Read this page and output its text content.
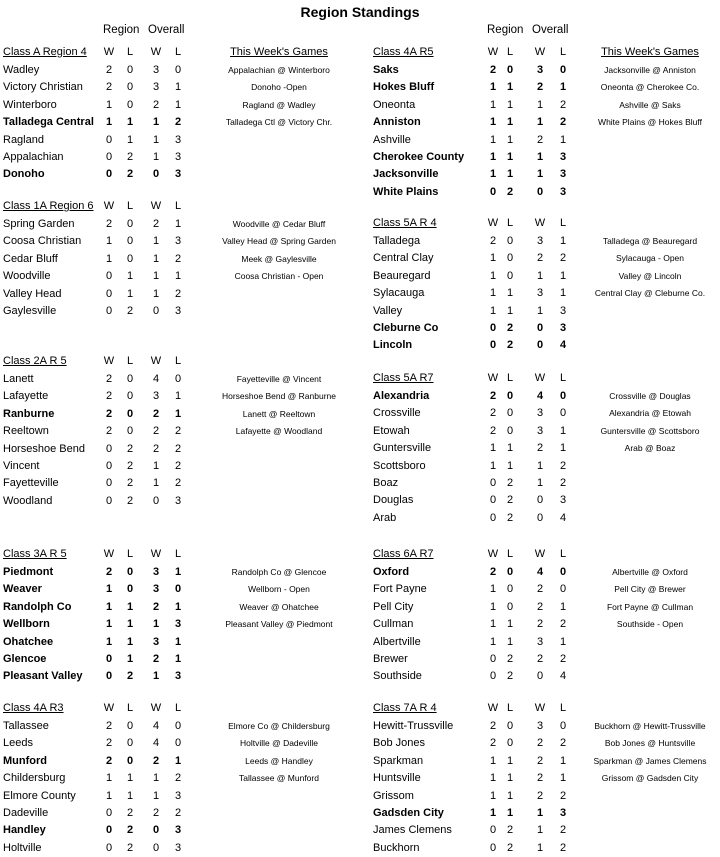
Region Standings
Region Overall	Region Overall
Class A Region 4 W L W L
Wadley	2 0 3 0
Victory Christian 2 0 3 1
Winterboro	1 0 2 1
Talladega Central 1 1 1 2
Ragland	0 1 1 3
Appalachian	0 2 1 3
Donoho	0 2 0 3
This Week's Games
Appalachian @ Winterboro
Donoho -Open
Ragland @ Wadley
Talladega Ctl @ Victory Chr.
Class 1A Region 6 W L W L
Spring Garden	2 0 2 1
Coosa Christian 1 0 1 3
Cedar Bluff	1 0 1 2
Woodville	0 1 1 1
Valley Head	0 1 1 2
Gaylesville	0 2 0 3
Woodville @ Cedar Bluff
Valley Head @ Spring Garden
Meek @ Gaylesville
Coosa Christian - Open
Class 2A R 5	W L W L
Lanett	2 0 4 0
Lafayette	2 0 3 1
Ranburne	2 0 2 1
Reeltown	2 0 2 2
Horseshoe Bend 0 2 2 2
Vincent	0 2 1 2
Fayetteville	0 2 1 2
Woodland	0 2 0 3
Fayetteville @ Vincent
Horseshoe Bend @ Ranburne
Lanett @ Reeltown
Lafayette @ Woodland
Class 3A R 5	W L W L
Piedmont	2 0 3 1
Weaver	1 0 3 0
Randolph Co	1 1 2 1
Wellborn	1 1 1 3
Ohatchee	1 1 3 1
Glencoe	0 1 2 1
Pleasant Valley 0 2 1 3
Randolph Co @ Glencoe
Wellborn - Open
Weaver @ Ohatchee
Pleasant Valley @ Piedmont
Class 4A R3	W L W L
Tallassee	2 0 4 0
Leeds	2 0 4 0
Munford	2 0 2 1
Childersburg	1 1 1 2
Elmore County	1 1 1 3
Dadeville	0 2 2 2
Handley	0 2 0 3
Holtville	0 2 0 3
Elmore Co @ Childersburg
Holtville @ Dadeville
Leeds @ Handley
Tallassee @ Munford
Class 4A R5	W L W L
Saks	2 0 3 0
Hokes Bluff	1 1 2 1
Oneonta	1 1 1 2
Anniston	1 1 1 2
Ashville	1 1 2 1
Cherokee County 1 1 1 3
Jacksonville	1 1 1 3
White Plains	0 2 0 3
This Week's Games
Jacksonville @ Anniston
Oneonta @ Cherokee Co.
Ashville @ Saks
White Plains @ Hokes Bluff
Class 5A R 4	W L W L
Talladega	2 0 3 1
Central Clay	1 0 2 2
Beauregard	1 0 1 1
Sylacauga	1 1 3 1
Valley	1 1 1 3
Cleburne Co	0 2 0 3
Lincoln	0 2 0 4
Talladega @ Beauregard
Sylacauga - Open
Valley @ Lincoln
Central Clay @ Cleburne Co.
Class 5A R7	W L W L
Alexandria	2 0 4 0
Crossville	2 0 3 0
Etowah	2 0 3 1
Guntersville	1 1 2 1
Scottsboro	1 1 1 2
Boaz	0 2 1 2
Douglas	0 2 0 3
Arab	0 2 0 4
Crossville @ Douglas
Alexandria @ Etowah
Guntersville @ Scottsboro
Arab @ Boaz
Class 6A R7	W L W L
Oxford	2 0 4 0
Fort Payne	1 0 2 0
Pell City	1 0 2 1
Cullman	1 1 2 2
Albertville	1 1 3 1
Brewer	0 2 2 2
Southside	0 2 0 4
Albertville @ Oxford
Pell City @ Brewer
Fort Payne @ Cullman
Southside - Open
Class 7A R 4	W L W L
Hewitt-Trussville	2 0 3 0
Bob Jones	2 0 2 2
Sparkman	1 1 2 1
Huntsville	1 1 2 1
Grissom	1 1 2 2
Gadsden City	1 1 1 3
James Clemens	0 2 1 2
Buckhorn	0 2 1 2
Buckhorn @ Hewitt-Trussville
Bob Jones @ Huntsville
Sparkman @ James Clemens
Grissom @ Gadsden City
